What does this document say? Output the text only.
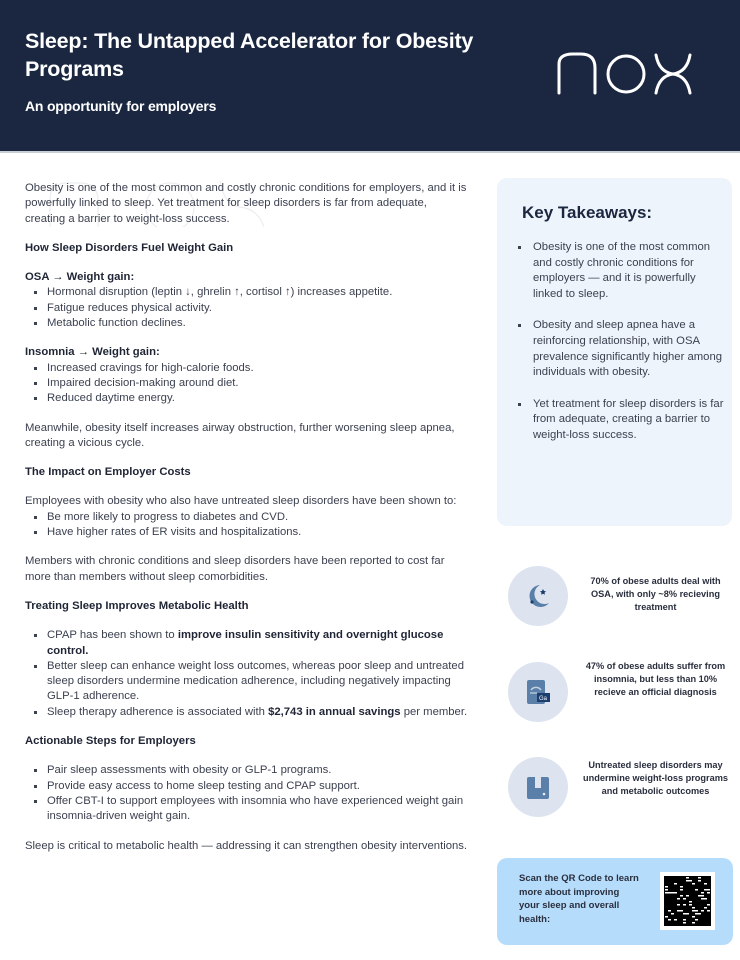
Sleep: The Untapped Accelerator for Obesity Programs
An opportunity for employers

Obesity is one of the most common and costly chronic conditions for employers, and it is powerfully linked to sleep. Yet treatment for sleep disorders is far from adequate, creating a barrier to weight-loss success.

How Sleep Disorders Fuel Weight Gain

OSA → Weight gain:

Hormonal disruption (leptin ↓, ghrelin ↑, cortisol ↑) increases appetite.
Fatigue reduces physical activity.
Metabolic function declines.

Insomnia → Weight gain:

Increased cravings for high-calorie foods.
Impaired decision-making around diet.
Reduced daytime energy.

Meanwhile, obesity itself increases airway obstruction, further worsening sleep apnea, creating a vicious cycle.

The Impact on Employer Costs

Employees with obesity who also have untreated sleep disorders have been shown to:

Be more likely to progress to diabetes and CVD.
Have higher rates of ER visits and hospitalizations.

Members with chronic conditions and sleep disorders have been reported to cost far more than members without sleep comorbidities.

Treating Sleep Improves Metabolic Health

CPAP has been shown to improve insulin sensitivity and overnight glucose control.
Better sleep can enhance weight loss outcomes, whereas poor sleep and untreated sleep disorders undermine medication adherence, including negatively impacting GLP-1 adherence.
Sleep therapy adherence is associated with $2,743 in annual savings per member.

Actionable Steps for Employers

Pair sleep assessments with obesity or GLP-1 programs.
Provide easy access to home sleep testing and CPAP support.
Offer CBT-I to support employees with insomnia who have experienced weight gain insomnia-driven weight gain.

Sleep is critical to metabolic health — addressing it can strengthen obesity interventions.

Key Takeaways:
Obesity is one of the most common and costly chronic conditions for employers — and it is powerfully linked to sleep.
Obesity and sleep apnea have a reinforcing relationship, with OSA prevalence significantly higher among individuals with obesity.
Yet treatment for sleep disorders is far from adequate, creating a barrier to weight-loss success.
70% of obese adults deal with OSA, with only ~8% recieving treatment
Ga
47% of obese adults suffer from insomnia, but less than 10% recieve an official diagnosis
Untreated sleep disorders may undermine weight-loss programs and metabolic outcomes
Scan the QR Code to learn more about improving your sleep and overall health:
